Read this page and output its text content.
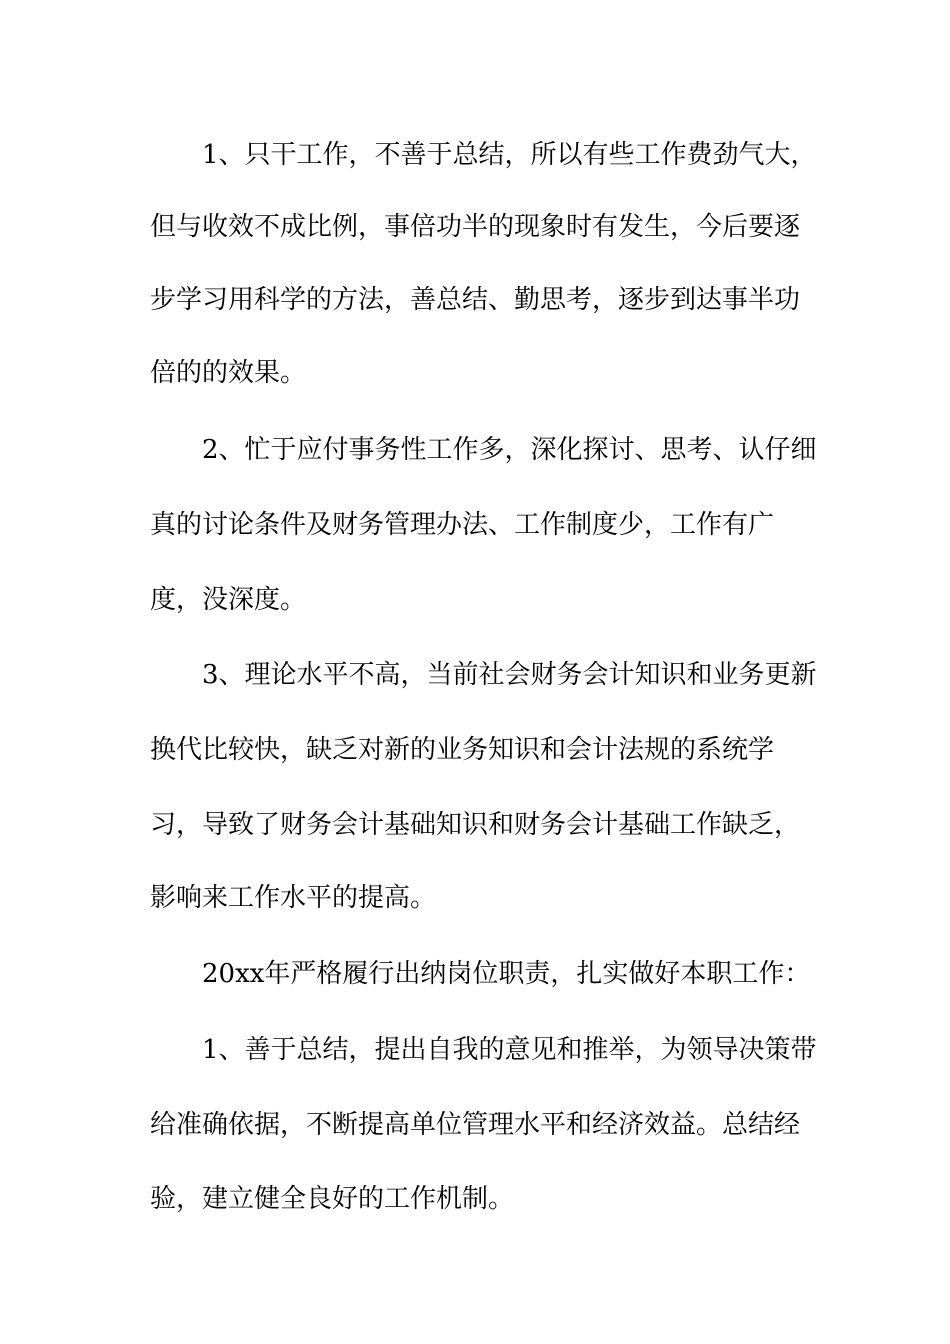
1、只干工作，不善于总结，所以有些工作费劲气大，

但与收效不成比例，事倍功半的现象时有发生，今后要逐

步学习用科学的方法，善总结、勤思考，逐步到达事半功

倍的的效果。

2、忙于应付事务性工作多，深化探讨、思考、认仔细

真的讨论条件及财务管理办法、工作制度少，工作有广

度，没深度。

3、理论水平不高，当前社会财务会计知识和业务更新

换代比较快，缺乏对新的业务知识和会计法规的系统学

习，导致了财务会计基础知识和财务会计基础工作缺乏，

影响来工作水平的提高。

20xx年严格履行出纳岗位职责，扎实做好本职工作：

1、善于总结，提出自我的意见和推举，为领导决策带

给准确依据，不断提高单位管理水平和经济效益。总结经

验，建立健全良好的工作机制。
